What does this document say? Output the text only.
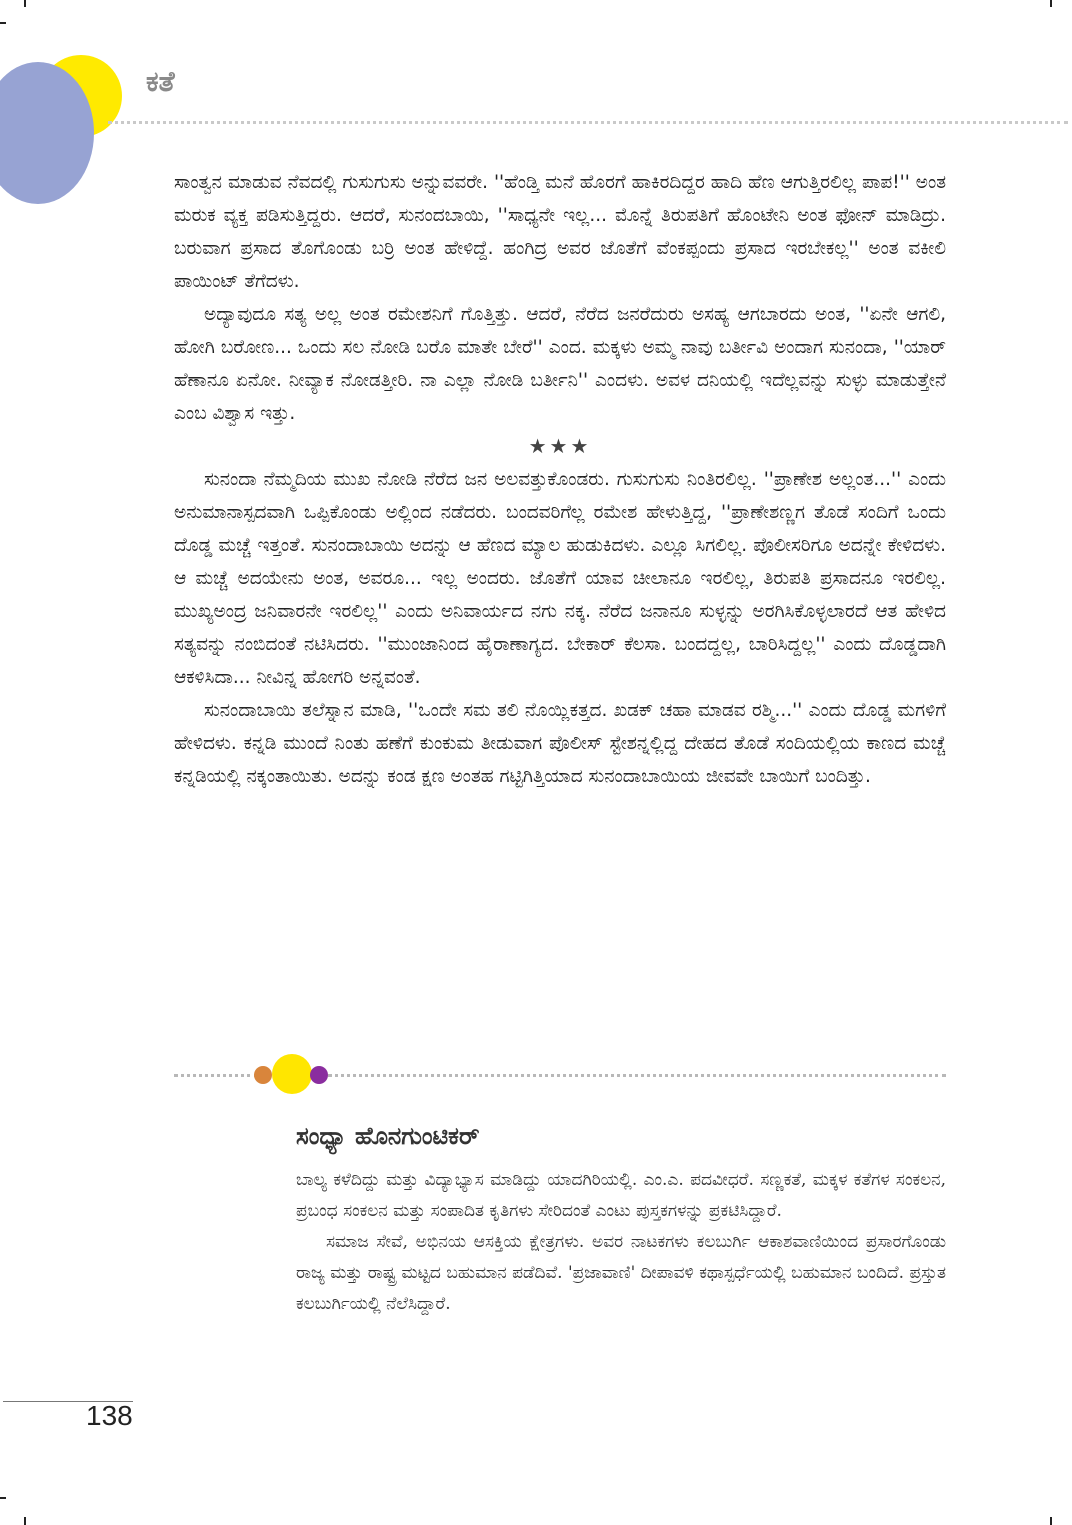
ಕತೆ

ಸಾಂತ್ವನ ಮಾಡುವ ನೆವದಲ್ಲಿ ಗುಸುಗುಸು ಅನ್ನುವವರೇ. ''ಹೆಂಡ್ತಿ ಮನೆ ಹೊರಗೆ ಹಾಕಿರದಿದ್ದರ ಹಾದಿ ಹೆಣ ಆಗುತ್ತಿರಲಿಲ್ಲ ಪಾಪ!'' ಅಂತ ಮರುಕ ವ್ಯಕ್ತ ಪಡಿಸುತ್ತಿದ್ದರು. ಆದರೆ, ಸುನಂದಬಾಯಿ, ''ಸಾಧ್ಯನೇ ಇಲ್ಲ... ಮೊನ್ನೆ ತಿರುಪತಿಗೆ ಹೊಂಟೇನಿ ಅಂತ ಫೋನ್ ಮಾಡಿದ್ರು. ಬರುವಾಗ ಪ್ರಸಾದ ತೊಗೊಂಡು ಬರ್ರಿ ಅಂತ ಹೇಳಿದ್ದೆ. ಹಂಗಿದ್ರ ಅವರ ಜೊತೆಗೆ ವೆಂಕಪ್ಪಂದು ಪ್ರಸಾದ ಇರಬೇಕಲ್ಲ'' ಅಂತ ವಕೀಲಿ ಪಾಯಿಂಟ್ ತೆಗೆದಳು.

ಅದ್ಯಾವುದೂ ಸತ್ಯ ಅಲ್ಲ ಅಂತ ರಮೇಶನಿಗೆ ಗೊತ್ತಿತ್ತು. ಆದರೆ, ನೆರೆದ ಜನರೆದುರು ಅಸಹ್ಯ ಆಗಬಾರದು ಅಂತ, ''ಏನೇ ಆಗಲಿ, ಹೋಗಿ ಬರೋಣ... ಒಂದು ಸಲ ನೋಡಿ ಬರೊ ಮಾತೇ ಬೇರೆ'' ಎಂದ. ಮಕ್ಕಳು ಅಮ್ಮ ನಾವು ಬರ್ತೀವಿ ಅಂದಾಗ ಸುನಂದಾ, ''ಯಾರ್ ಹೆಣಾನೂ ಏನೋ. ನೀವ್ಯಾಕ ನೋಡತ್ತೀರಿ. ನಾ ಎಲ್ಲಾ ನೋಡಿ ಬರ್ತೀನಿ'' ಎಂದಳು. ಅವಳ ದನಿಯಲ್ಲಿ ಇದೆಲ್ಲವನ್ನು ಸುಳ್ಳು ಮಾಡುತ್ತೇನೆ ಎಂಬ ವಿಶ್ವಾಸ ಇತ್ತು.

★★★

ಸುನಂದಾ ನೆಮ್ಮದಿಯ ಮುಖ ನೋಡಿ ನೆರೆದ ಜನ ಅಲವತ್ತುಕೊಂಡರು. ಗುಸುಗುಸು ನಿಂತಿರಲಿಲ್ಲ. ''ಪ್ರಾಣೇಶ ಅಲ್ಲಂತ...'' ಎಂದು ಅನುಮಾನಾಸ್ಪದವಾಗಿ ಒಪ್ಪಿಕೊಂಡು ಅಲ್ಲಿಂದ ನಡೆದರು. ಬಂದವರಿಗೆಲ್ಲ ರಮೇಶ ಹೇಳುತ್ತಿದ್ದ, ''ಪ್ರಾಣೇಶಣ್ಣಗ ತೊಡೆ ಸಂದಿಗೆ ಒಂದು ದೊಡ್ಡ ಮಚ್ಚೆ ಇತ್ತಂತೆ. ಸುನಂದಾಬಾಯಿ ಅದನ್ನು ಆ ಹೆಣದ ಮ್ಯಾಲ ಹುಡುಕಿದಳು. ಎಲ್ಲೂ ಸಿಗಲಿಲ್ಲ. ಪೊಲೀಸರಿಗೂ ಅದನ್ನೇ ಕೇಳಿದಳು. ಆ ಮಚ್ಚೆ ಅದಯೇನು ಅಂತ, ಅವರೂ... ಇಲ್ಲ ಅಂದರು. ಜೊತೆಗೆ ಯಾವ ಚೀಲಾನೂ ಇರಲಿಲ್ಲ, ತಿರುಪತಿ ಪ್ರಸಾದನೂ ಇರಲಿಲ್ಲ. ಮುಖ್ಯಅಂದ್ರ ಜನಿವಾರನೇ ಇರಲಿಲ್ಲ'' ಎಂದು ಅನಿವಾರ್ಯದ ನಗು ನಕ್ಕ. ನೆರೆದ ಜನಾನೂ ಸುಳ್ಳನ್ನು ಅರಗಿಸಿಕೊಳ್ಳಲಾರದೆ ಆತ ಹೇಳಿದ ಸತ್ಯವನ್ನು ನಂಬಿದಂತೆ ನಟಿಸಿದರು. ''ಮುಂಜಾನಿಂದ ಹೈರಾಣಾಗ್ಯದ. ಬೇಕಾರ್ ಕೆಲಸಾ. ಬಂದದ್ದಲ್ಲ, ಬಾರಿಸಿದ್ದಲ್ಲ'' ಎಂದು ದೊಡ್ಡದಾಗಿ ಆಕಳಿಸಿದಾ... ನೀವಿನ್ನ ಹೋಗರಿ ಅನ್ನವಂತೆ.

ಸುನಂದಾಬಾಯಿ ತಲೆಸ್ನಾನ ಮಾಡಿ, ''ಒಂದೇ ಸಮ ತಲಿ ನೊಯ್ಲಿಕತ್ತದ. ಖಡಕ್ ಚಹಾ ಮಾಡವ ರಶ್ಮಿ...'' ಎಂದು ದೊಡ್ಡ ಮಗಳಿಗೆ ಹೇಳಿದಳು. ಕನ್ನಡಿ ಮುಂದೆ ನಿಂತು ಹಣೆಗೆ ಕುಂಕುಮ ತೀಡುವಾಗ ಪೊಲೀಸ್ ಸ್ಟೇಶನ್ನಲ್ಲಿದ್ದ ದೇಹದ ತೊಡೆ ಸಂದಿಯಲ್ಲಿಯ ಕಾಣದ ಮಚ್ಚೆ ಕನ್ನಡಿಯಲ್ಲಿ ನಕ್ಕಂತಾಯಿತು. ಅದನ್ನು ಕಂಡ ಕ್ಷಣ ಅಂತಹ ಗಟ್ಟಿಗಿತ್ತಿಯಾದ ಸುನಂದಾಬಾಯಿಯ ಜೀವವೇ ಬಾಯಿಗೆ ಬಂದಿತ್ತು.

ಸಂಧ್ಯಾ ಹೊನಗುಂಟಿಕರ್

ಬಾಲ್ಯ ಕಳೆದಿದ್ದು ಮತ್ತು ವಿದ್ಯಾಭ್ಯಾಸ ಮಾಡಿದ್ದು ಯಾದಗಿರಿಯಲ್ಲಿ. ಎಂ.ಎ. ಪದವೀಧರೆ. ಸಣ್ಣಕತೆ, ಮಕ್ಕಳ ಕತೆಗಳ ಸಂಕಲನ, ಪ್ರಬಂಧ ಸಂಕಲನ ಮತ್ತು ಸಂಪಾದಿತ ಕೃತಿಗಳು ಸೇರಿದಂತೆ ಎಂಟು ಪುಸ್ತಕಗಳನ್ನು ಪ್ರಕಟಿಸಿದ್ದಾರೆ.

ಸಮಾಜ ಸೇವೆ, ಅಭಿನಯ ಆಸಕ್ತಿಯ ಕ್ಷೇತ್ರಗಳು. ಅವರ ನಾಟಕಗಳು ಕಲಬುರ್ಗಿ ಆಕಾಶವಾಣಿಯಿಂದ ಪ್ರಸಾರಗೊಂಡು ರಾಜ್ಯ ಮತ್ತು ರಾಷ್ಟ್ರ ಮಟ್ಟದ ಬಹುಮಾನ ಪಡೆದಿವೆ. 'ಪ್ರಜಾವಾಣಿ' ದೀಪಾವಳಿ ಕಥಾಸ್ಪರ್ಧೆಯಲ್ಲಿ ಬಹುಮಾನ ಬಂದಿದೆ. ಪ್ರಸ್ತುತ ಕಲಬುರ್ಗಿಯಲ್ಲಿ ನೆಲೆಸಿದ್ದಾರೆ.

138
